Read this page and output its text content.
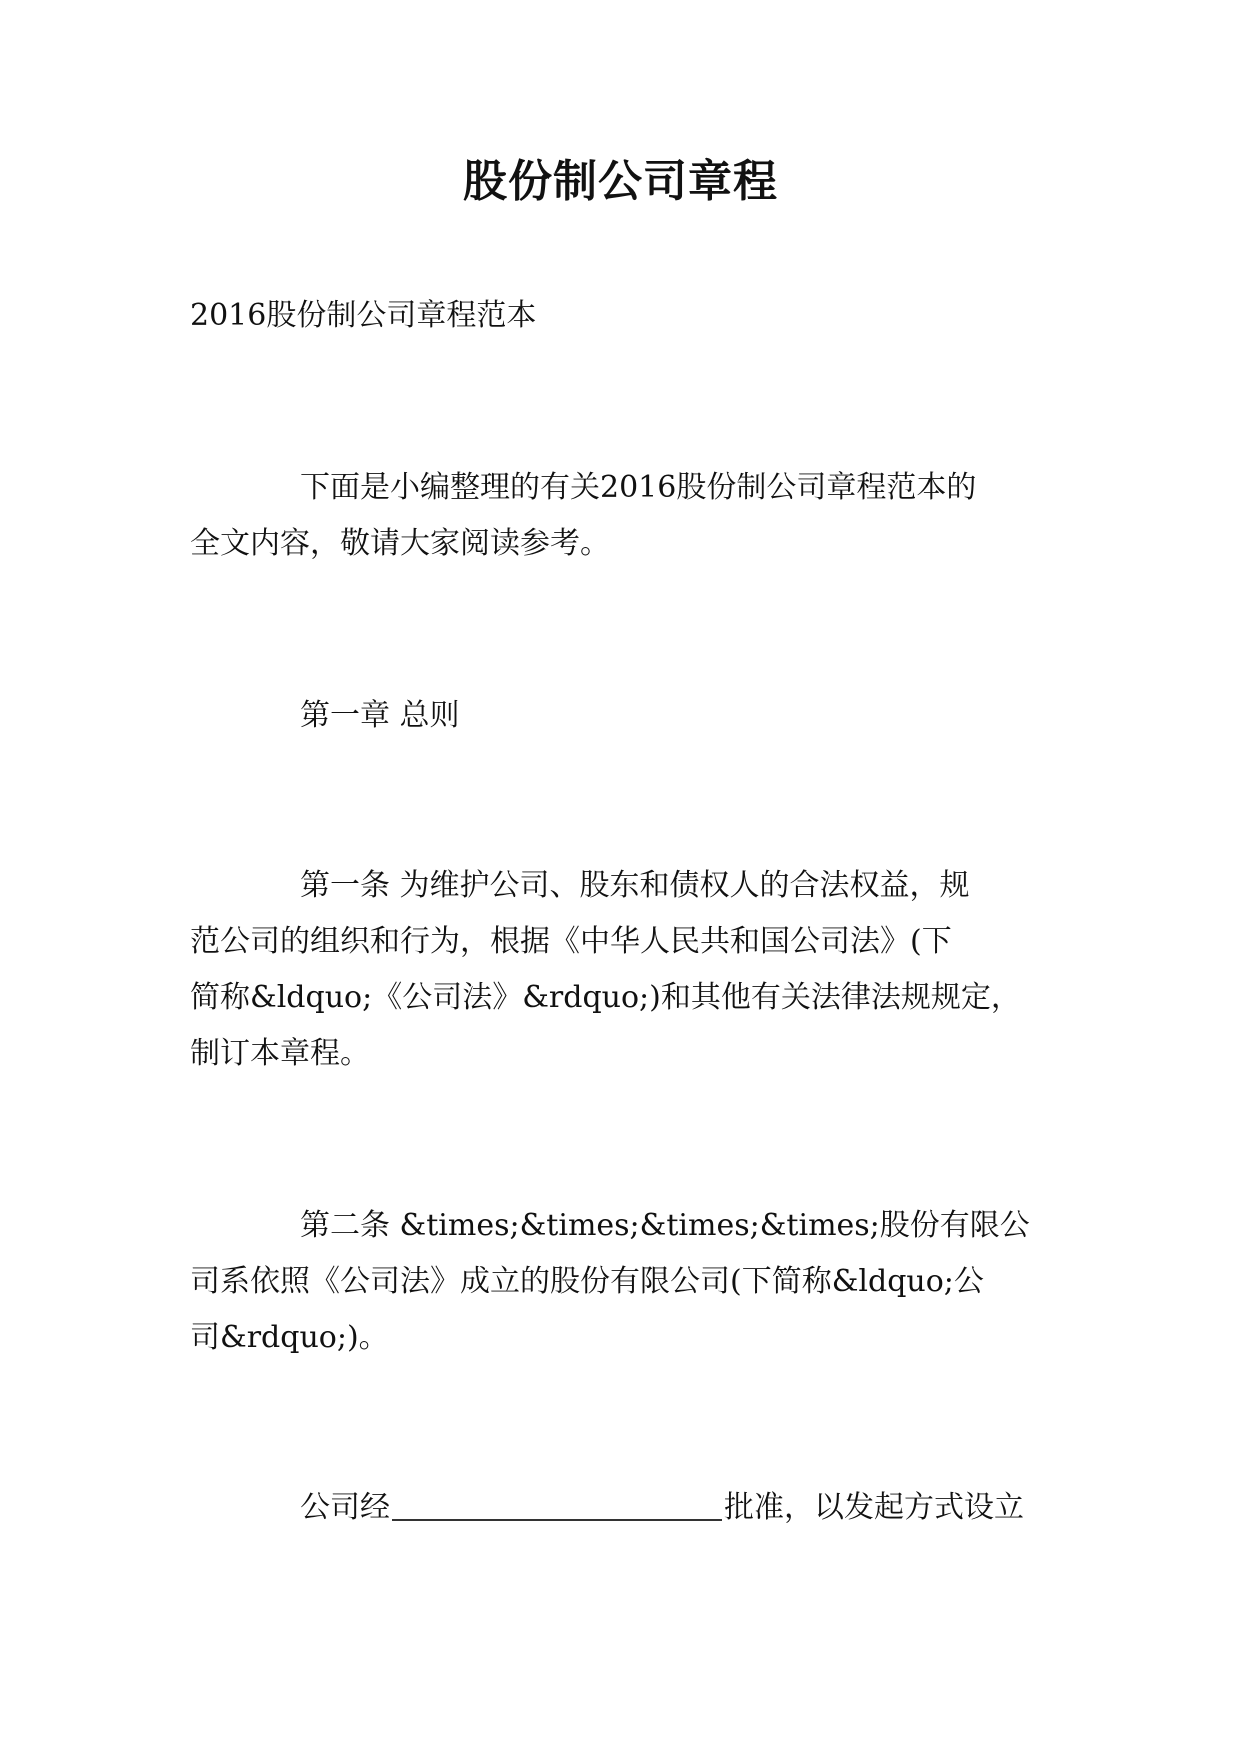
股份制公司章程
2016股份制公司章程范本
下面是小编整理的有关2016股份制公司章程范本的
全文内容，敬请大家阅读参考。
第一章 总则
第一条 为维护公司、股东和债权人的合法权益，规
范公司的组织和行为，根据《中华人民共和国公司法》(下
简称&ldquo;《公司法》&rdquo;)和其他有关法律法规规定，
制订本章程。
第二条 &times;&times;&times;&times;股份有限公
司系依照《公司法》成立的股份有限公司(下简称&ldquo;公
司&rdquo;)。
公司经	批准，以发起方式设立
